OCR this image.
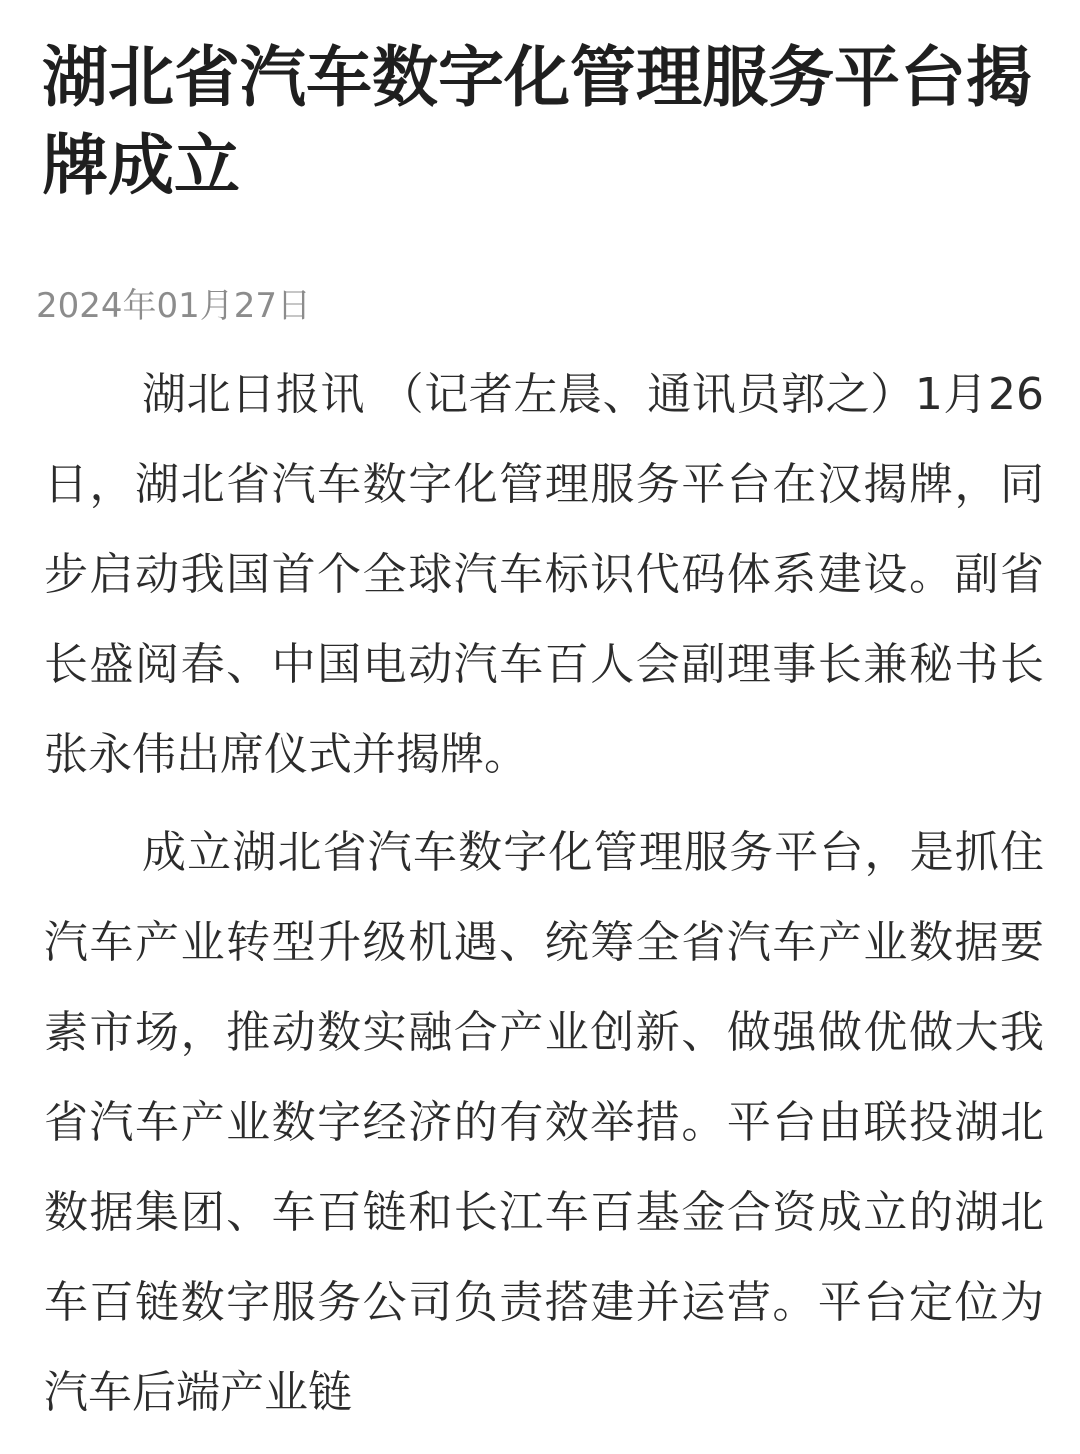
湖北省汽车数字化管理服务平台揭牌成立
2024年01月27日

湖北日报讯 （记者左晨、通讯员郭之）1月26日，湖北省汽车数字化管理服务平台在汉揭牌，同步启动我国首个全球汽车标识代码体系建设。副省长盛阅春、中国电动汽车百人会副理事长兼秘书长张永伟出席仪式并揭牌。

成立湖北省汽车数字化管理服务平台，是抓住汽车产业转型升级机遇、统筹全省汽车产业数据要素市场，推动数实融合产业创新、做强做优做大我省汽车产业数字经济的有效举措。平台由联投湖北数据集团、车百链和长江车百基金合资成立的湖北车百链数字服务公司负责搭建并运营。平台定位为汽车后端产业链
